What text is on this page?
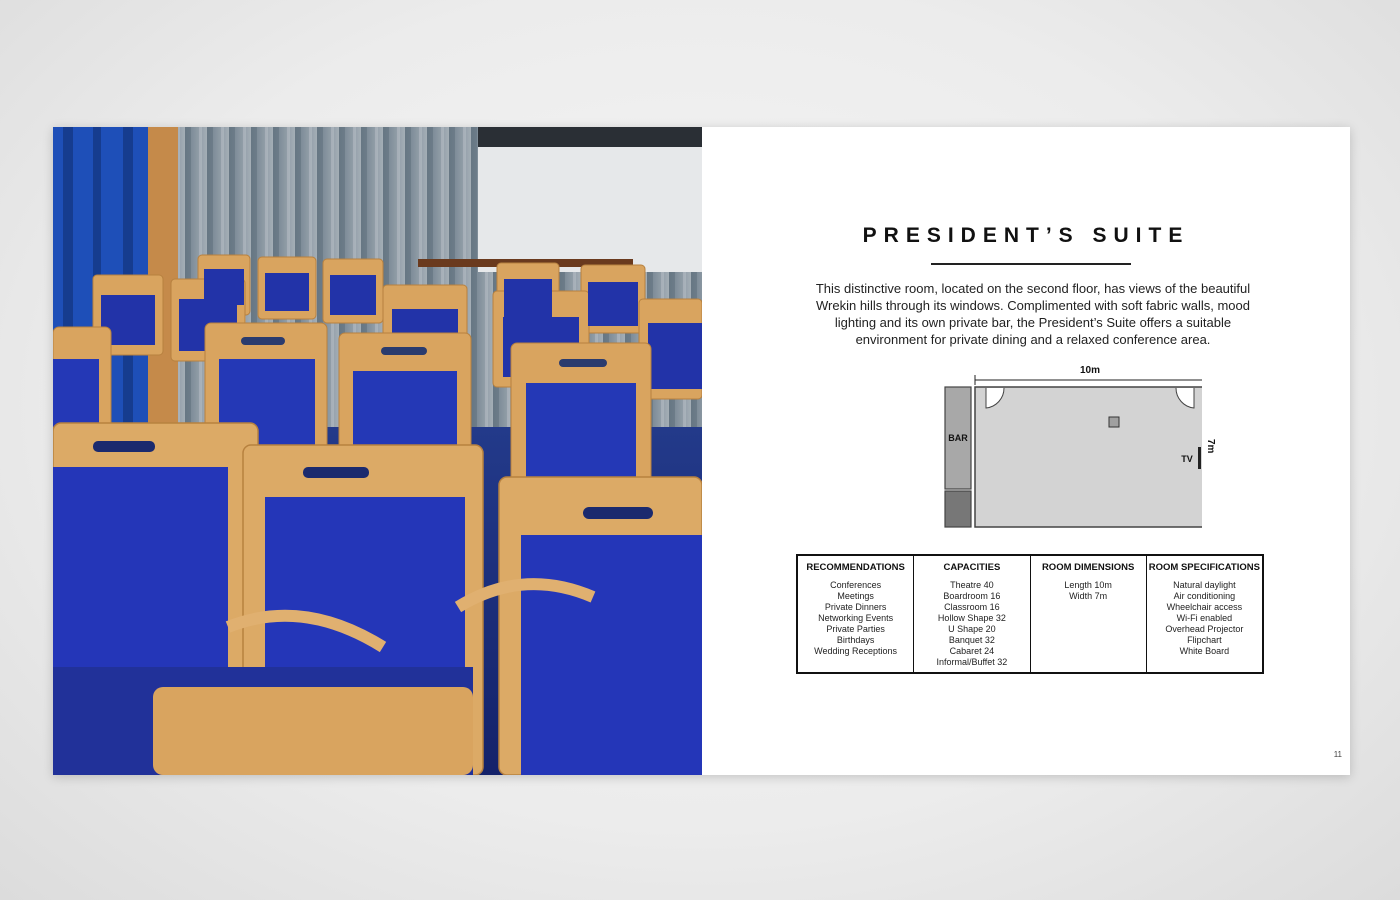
PRESIDENT’S SUITE
This distinctive room, located on the second floor, has views of the beautiful Wrekin hills through its windows. Complimented with soft fabric walls, mood lighting and its own private bar, the President’s Suite offers a suitable environment for private dining and a relaxed conference area.
10m
BAR
TV
7m
RECOMMENDATIONS
Conferences
Meetings
Private Dinners
Networking Events
Private Parties
Birthdays
Wedding Receptions
CAPACITIES
Theatre 40
Boardroom 16
Classroom 16
Hollow Shape 32
U Shape 20
Banquet 32
Cabaret 24
Informal/Buffet 32
ROOM DIMENSIONS
Length 10m
Width 7m
ROOM SPECIFICATIONS
Natural daylight
Air conditioning
Wheelchair access
Wi-Fi enabled
Overhead Projector
Flipchart
White Board
11
